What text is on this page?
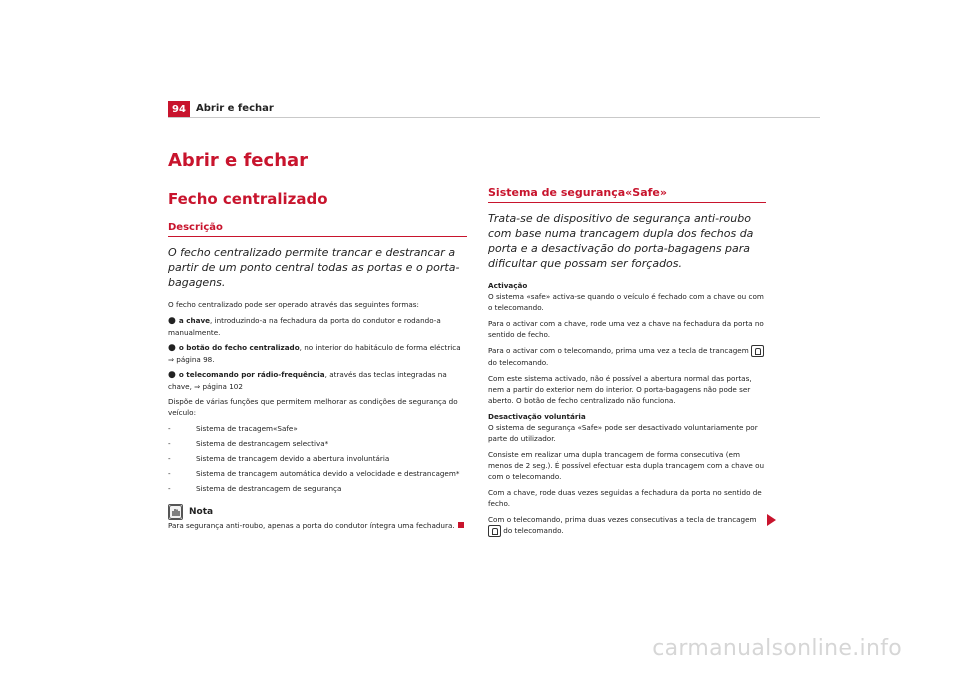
94	Abrir e fechar
Abrir e fechar
Fecho centralizado
Descrição
O fecho centralizado permite trancar e destrancar a partir de um ponto central todas as portas e o porta-bagagens.

O fecho centralizado pode ser operado através das seguintes formas:

● a chave, introduzindo-a na fechadura da porta do condutor e rodando-a manualmente.
● o botão do fecho centralizado, no interior do habitáculo de forma eléctrica ⇒ página 98.
● o telecomando por rádio-frequência, através das teclas integradas na chave, ⇒ página 102

Dispõe de várias funções que permitem melhorar as condições de segurança do veículo:

-	Sistema de tracagem«Safe»
-	Sistema de destrancagem selectiva*
-	Sistema de trancagem devido a abertura involuntária
-	Sistema de trancagem automática devido a velocidade e destrancagem*
-	Sistema de destrancagem de segurança
Nota

Para segurança anti-roubo, apenas a porta do condutor íntegra uma fechadura.

Sistema de segurança«Safe»
Trata-se de dispositivo de segurança anti-roubo com base numa trancagem dupla dos fechos da porta e a desactivação do porta-bagagens para dificultar que possam ser forçados.

Activação

O sistema «safe» activa-se quando o veículo é fechado com a chave ou com o telecomando.

Para o activar com a chave, rode uma vez a chave na fechadura da porta no sentido de fecho.

Para o activar com o telecomando, prima uma vez a tecla de trancagem  do telecomando.

Com este sistema activado, não é possível a abertura normal das portas, nem a partir do exterior nem do interior. O porta-bagagens não pode ser aberto. O botão de fecho centralizado não funciona.

Desactivação voluntária

O sistema de segurança «Safe» pode ser desactivado voluntariamente por parte do utilizador.

Consiste em realizar uma dupla trancagem de forma consecutiva (em menos de 2 seg.). É possível efectuar esta dupla trancagem com a chave ou com o telecomando.

Com a chave, rode duas vezes seguidas a fechadura da porta no sentido de fecho.

Com o telecomando, prima duas vezes consecutivas a tecla de trancagem  do telecomando.

carmanualsonline.info
